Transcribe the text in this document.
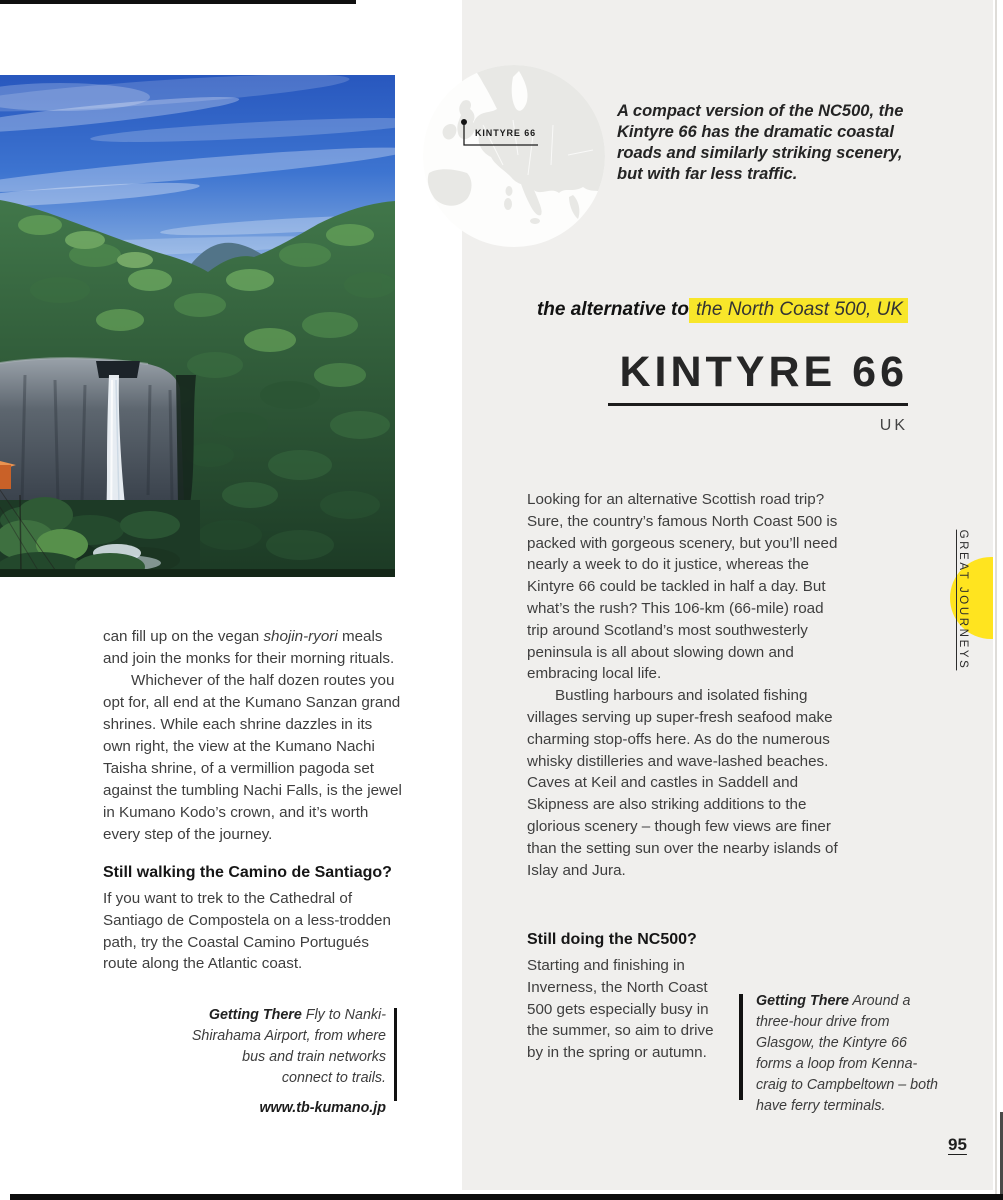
KINTYRE 66
A compact version of the NC500, the Kintyre 66 has the dramatic coastal roads and similarly striking scenery, but with far less traffic.
the alternative to the North Coast 500, UK
KINTYRE 66
UK
Looking for an alternative Scottish road trip? Sure, the country’s famous North Coast 500 is packed with gorgeous scenery, but you’ll need nearly a week to do it justice, whereas the Kintyre 66 could be tackled in half a day. But what’s the rush? This 106-km (66-mile) road trip around Scotland’s most southwesterly peninsula is all about slowing down and embracing local life.
Bustling harbours and isolated fishing villages serving up super-fresh seafood make charming stop-offs here. As do the numerous whisky distilleries and wave-lashed beaches. Caves at Keil and castles in Saddell and Skipness are also striking additions to the glorious scenery – though few views are finer than the setting sun over the nearby islands of Islay and Jura.
Still doing the NC500?
Starting and finishing in Inverness, the North Coast 500 gets especially busy in the summer, so aim to drive by in the spring or autumn.
Getting There Around a three-hour drive from Glasgow, the Kintyre 66 forms a loop from Kenna-craig to Campbeltown – both have ferry terminals.
can fill up on the vegan shojin-ryori meals and join the monks for their morning rituals.
Whichever of the half dozen routes you opt for, all end at the Kumano Sanzan grand shrines. While each shrine dazzles in its own right, the view at the Kumano Nachi Taisha shrine, of a vermillion pagoda set against the tumbling Nachi Falls, is the jewel in Kumano Kodo’s crown, and it’s worth every step of the journey.
Still walking the Camino de Santiago?
If you want to trek to the Cathedral of Santiago de Compostela on a less-trodden path, try the Coastal Camino Portugués route along the Atlantic coast.
Getting There Fly to Nanki-Shirahama Airport, from where bus and train networks connect to trails.
www.tb-kumano.jp
GREAT JOURNEYS
95
